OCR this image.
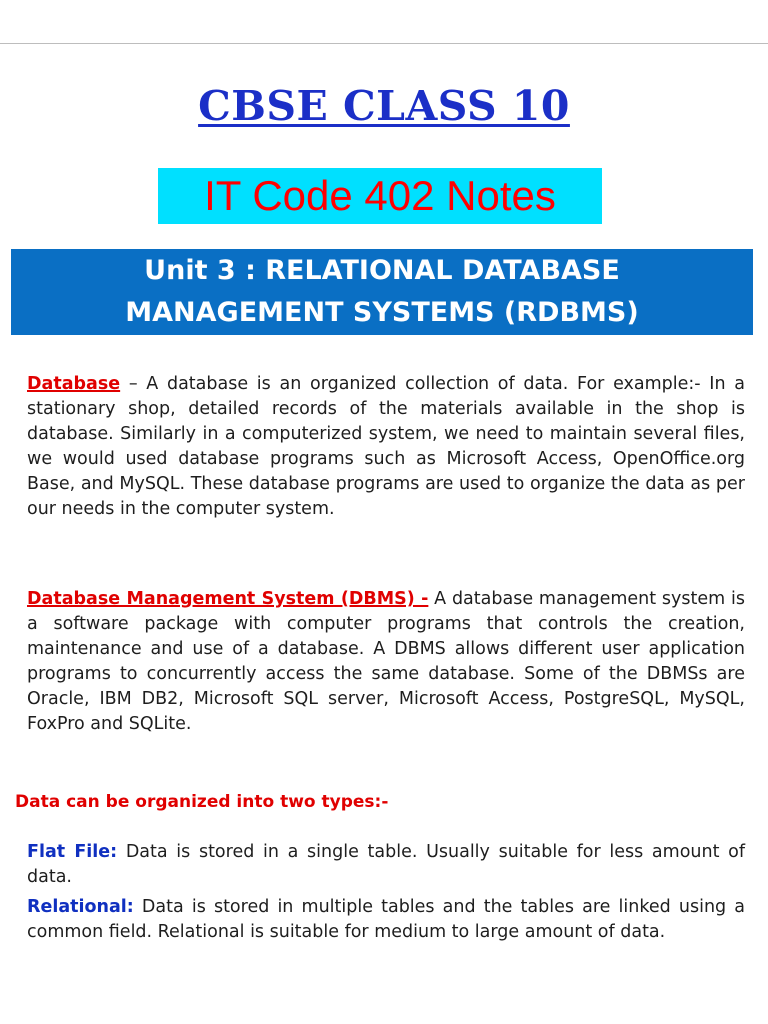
CBSE CLASS 10
IT Code 402 Notes
Unit 3 : RELATIONAL DATABASE
MANAGEMENT SYSTEMS (RDBMS)

Database – A database is an organized collection of data. For example:- In a stationary shop, detailed records of the materials available in the shop is database. Similarly in a computerized system, we need to maintain several files, we would used database programs such as Microsoft Access, OpenOffice.org Base, and MySQL. These database programs are used to organize the data as per our needs in the computer system.

Database Management System (DBMS) - A database management system is a software package with computer programs that controls the creation, maintenance and use of a database. A DBMS allows different user application programs to concurrently access the same database. Some of the DBMSs are Oracle, IBM DB2, Microsoft SQL server, Microsoft Access, PostgreSQL, MySQL, FoxPro and SQLite.

Data can be organized into two types:-

Flat File: Data is stored in a single table. Usually suitable for less amount of data.

Relational: Data is stored in multiple tables and the tables are linked using a common field. Relational is suitable for medium to large amount of data.
